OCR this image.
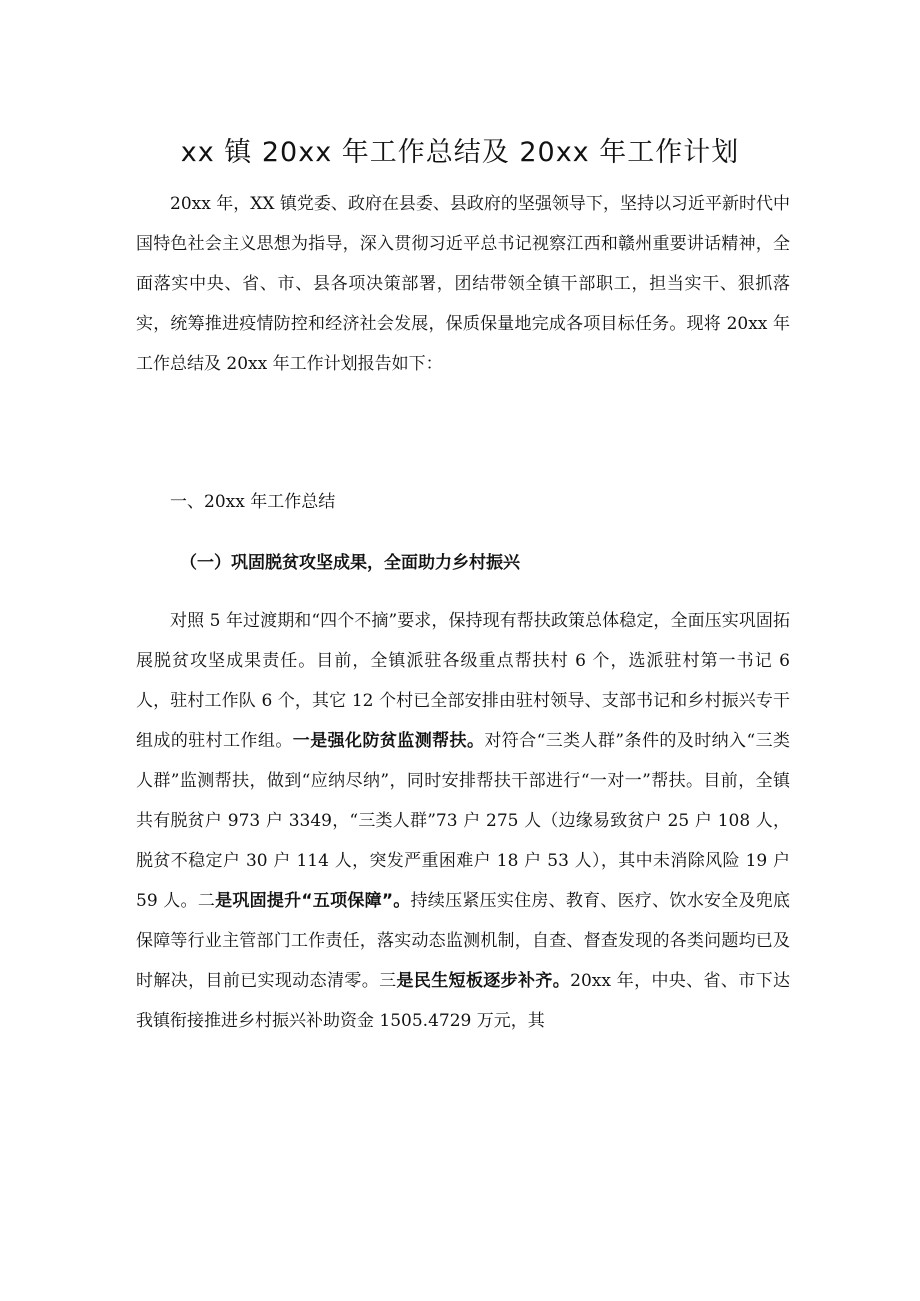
xx 镇 20xx 年工作总结及 20xx 年工作计划

20xx 年，XX 镇党委、政府在县委、县政府的坚强领导下，坚持以习近平新时代中国特色社会主义思想为指导，深入贯彻习近平总书记视察江西和赣州重要讲话精神，全面落实中央、省、市、县各项决策部署，团结带领全镇干部职工，担当实干、狠抓落实，统筹推进疫情防控和经济社会发展，保质保量地完成各项目标任务。现将 20xx 年工作总结及 20xx 年工作计划报告如下：

一、20xx 年工作总结

（一）巩固脱贫攻坚成果，全面助力乡村振兴

对照 5 年过渡期和“四个不摘”要求，保持现有帮扶政策总体稳定，全面压实巩固拓展脱贫攻坚成果责任。目前，全镇派驻各级重点帮扶村 6 个，选派驻村第一书记 6 人，驻村工作队 6 个，其它 12 个村已全部安排由驻村领导、支部书记和乡村振兴专干组成的驻村工作组。一是强化防贫监测帮扶。对符合“三类人群”条件的及时纳入“三类人群”监测帮扶，做到“应纳尽纳”，同时安排帮扶干部进行“一对一”帮扶。目前，全镇共有脱贫户 973 户 3349，“三类人群”73 户 275 人（边缘易致贫户 25 户 108 人，脱贫不稳定户 30 户 114 人，突发严重困难户 18 户 53 人），其中未消除风险 19 户 59 人。二是巩固提升“五项保障”。持续压紧压实住房、教育、医疗、饮水安全及兜底保障等行业主管部门工作责任，落实动态监测机制，自查、督查发现的各类问题均已及时解决，目前已实现动态清零。三是民生短板逐步补齐。20xx 年，中央、省、市下达我镇衔接推进乡村振兴补助资金 1505.4729 万元，其
